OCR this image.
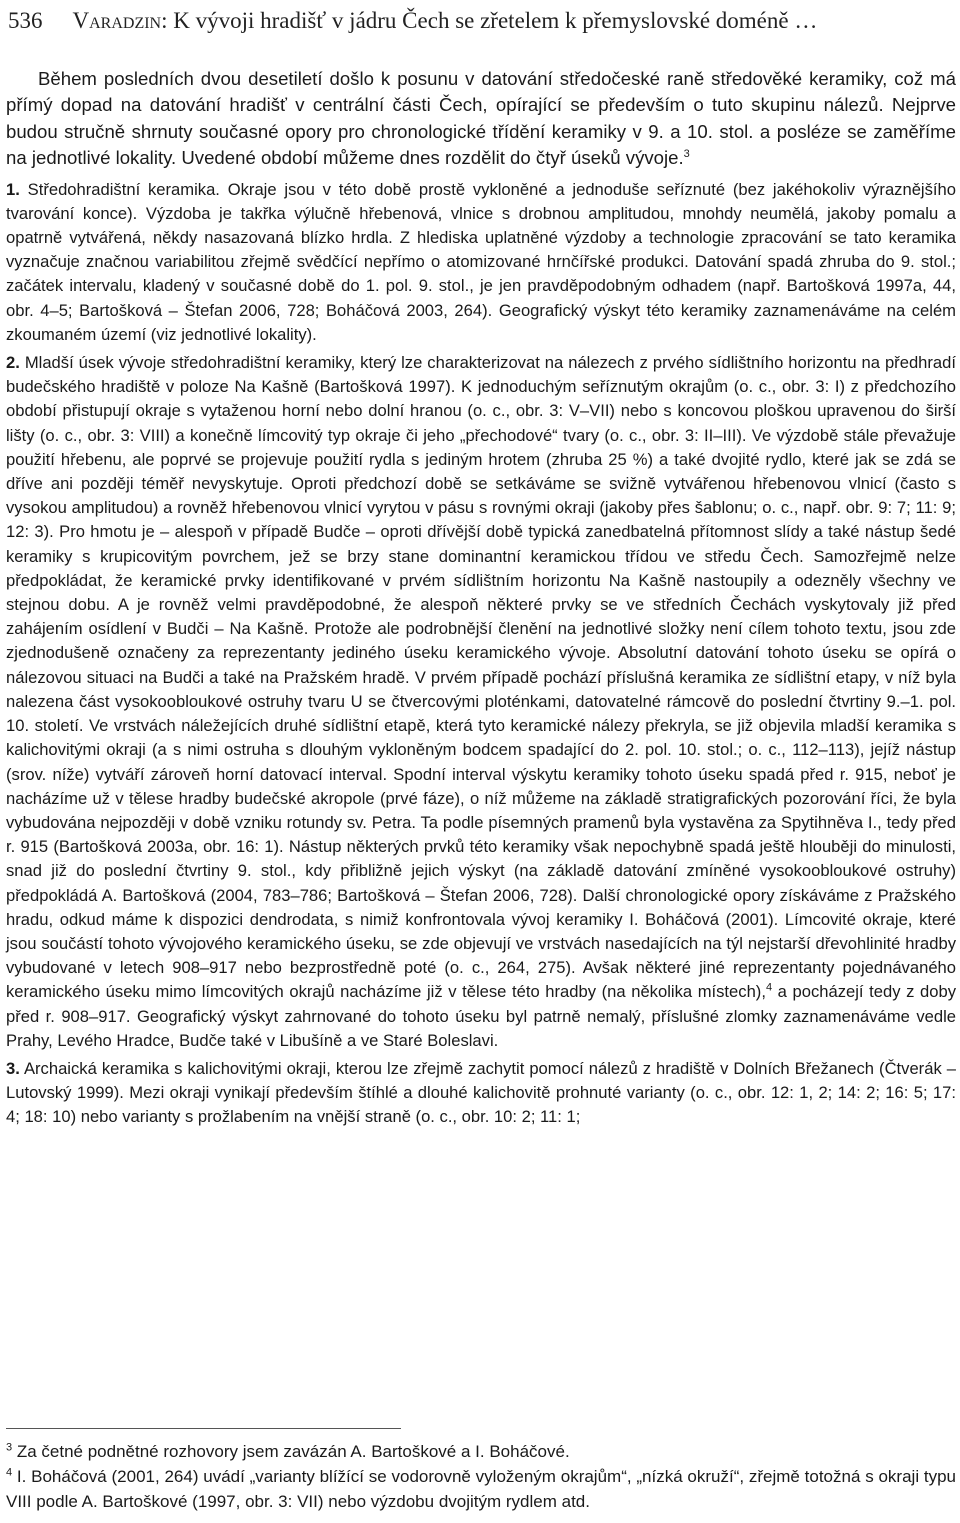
536 Varadzin: K vývoji hradišť v jádru Čech se zřetelem k přemyslovské doméně …

Během posledních dvou desetiletí došlo k posunu v datování středočeské raně středověké keramiky, což má přímý dopad na datování hradišť v centrální části Čech, opírající se především o tuto skupinu nálezů. Nejprve budou stručně shrnuty současné opory pro chronologické třídění keramiky v 9. a 10. stol. a posléze se zaměříme na jednotlivé lokality. Uvedené období můžeme dnes rozdělit do čtyř úseků vývoje.$^3$

1. Středohradištní keramika. Okraje jsou v této době prostě vykloněné a jednoduše seříznuté (bez jakéhokoliv výraznějšího tvarování konce). Výzdoba je takřka výlučně hřebenová, vlnice s drobnou amplitudou, mnohdy neumělá, jakoby pomalu a opatrně vytvářená, někdy nasazovaná blízko hrdla. Z hlediska uplatněné výzdoby a technologie zpracování se tato keramika vyznačuje značnou variabilitou zřejmě svědčící nepřímo o atomizované hrnčířské produkci. Datování spadá zhruba do 9. stol.; začátek intervalu, kladený v současné době do 1. pol. 9. stol., je jen pravděpodobným odhadem (např. Bartošková 1997a, 44, obr. 4–5; Bartošková – Štefan 2006, 728; Boháčová 2003, 264). Geografický výskyt této keramiky zaznamenáváme na celém zkoumaném území (viz jednotlivé lokality).

2. Mladší úsek vývoje středohradištní keramiky, který lze charakterizovat na nálezech z prvého sídlištního horizontu na předhradí budečského hradiště v poloze Na Kašně (Bartošková 1997). K jednoduchým seříznutým okrajům (o. c., obr. 3: I) z předchozího období přistupují okraje s vytaženou horní nebo dolní hranou (o. c., obr. 3: V–VII) nebo s koncovou ploškou upravenou do širší lišty (o. c., obr. 3: VIII) a konečně límcovitý typ okraje či jeho „přechodové“ tvary (o. c., obr. 3: II–III). Ve výzdobě stále převažuje použití hřebenu, ale poprvé se projevuje použití rydla s jediným hrotem (zhruba 25 %) a také dvojité rydlo, které jak se zdá se dříve ani později téměř nevyskytuje. Oproti předchozí době se setkáváme se svižně vytvářenou hřebenovou vlnicí (často s vysokou amplitudou) a rovněž hřebenovou vlnicí vyrytou v pásu s rovnými okraji (jakoby přes šablonu; o. c., např. obr. 9: 7; 11: 9; 12: 3). Pro hmotu je – alespoň v případě Budče – oproti dřívější době typická zanedbatelná přítomnost slídy a také nástup šedé keramiky s krupicovitým povrchem, jež se brzy stane dominantní keramickou třídou ve středu Čech. Samozřejmě nelze předpokládat, že keramické prvky identifikované v prvém sídlištním horizontu Na Kašně nastoupily a odezněly všechny ve stejnou dobu. A je rovněž velmi pravděpodobné, že alespoň některé prvky se ve středních Čechách vyskytovaly již před zahájením osídlení v Budči – Na Kašně. Protože ale podrobnější členění na jednotlivé složky není cílem tohoto textu, jsou zde zjednodušeně označeny za reprezentanty jediného úseku keramického vývoje. Absolutní datování tohoto úseku se opírá o nálezovou situaci na Budči a také na Pražském hradě. V prvém případě pochází příslušná keramika ze sídlištní etapy, v níž byla nalezena část vysokoobloukové ostruhy tvaru U se čtvercovými ploténkami, datovatelné rámcově do poslední čtvrtiny 9.–1. pol. 10. století. Ve vrstvách náležejících druhé sídlištní etapě, která tyto keramické nálezy překryla, se již objevila mladší keramika s kalichovitými okraji (a s nimi ostruha s dlouhým vykloněným bodcem spadající do 2. pol. 10. stol.; o. c., 112–113), jejíž nástup (srov. níže) vytváří zároveň horní datovací interval. Spodní interval výskytu keramiky tohoto úseku spadá před r. 915, neboť je nacházíme už v tělese hradby budečské akropole (prvé fáze), o níž můžeme na základě stratigrafických pozorování říci, že byla vybudována nejpozději v době vzniku rotundy sv. Petra. Ta podle písemných pramenů byla vystavěna za Spytihněva I., tedy před r. 915 (Bartošková 2003a, obr. 16: 1). Nástup některých prvků této keramiky však nepochybně spadá ještě hlouběji do minulosti, snad již do poslední čtvrtiny 9. stol., kdy přibližně jejich výskyt (na základě datování zmíněné vysokoobloukové ostruhy) předpokládá A. Bartošková (2004, 783–786; Bartošková – Štefan 2006, 728). Další chronologické opory získáváme z Pražského hradu, odkud máme k dispozici dendrodata, s nimiž konfrontovala vývoj keramiky I. Boháčová (2001). Límcovité okraje, které jsou součástí tohoto vývojového keramického úseku, se zde objevují ve vrstvách nasedajících na týl nejstarší dřevohlinité hradby vybudované v letech 908–917 nebo bezprostředně poté (o. c., 264, 275). Avšak některé jiné reprezentanty pojednávaného keramického úseku mimo límcovitých okrajů nacházíme již v tělese této hradby (na několika místech),$^4$ a pocházejí tedy z doby před r. 908–917. Geografický výskyt zahrnované do tohoto úseku byl patrně nemalý, příslušné zlomky zaznamenáváme vedle Prahy, Levého Hradce, Budče také v Libušíně a ve Staré Boleslavi.

3. Archaická keramika s kalichovitými okraji, kterou lze zřejmě zachytit pomocí nálezů z hradiště v Dolních Břežanech (Čtverák – Lutovský 1999). Mezi okraji vynikají především štíhlé a dlouhé kalichovitě prohnuté varianty (o. c., obr. 12: 1, 2; 14: 2; 16: 5; 17: 4; 18: 10) nebo varianty s prožlabením na vnější straně (o. c., obr. 10: 2; 11: 1;

$^3$ Za četné podnětné rozhovory jsem zavázán A. Bartoškové a I. Boháčové.

$^4$ I. Boháčová (2001, 264) uvádí „varianty blížící se vodorovně vyloženým okrajům“, „nízká okruží“, zřejmě totožná s okraji typu VIII podle A. Bartoškové (1997, obr. 3: VII) nebo výzdobu dvojitým rydlem atd.
